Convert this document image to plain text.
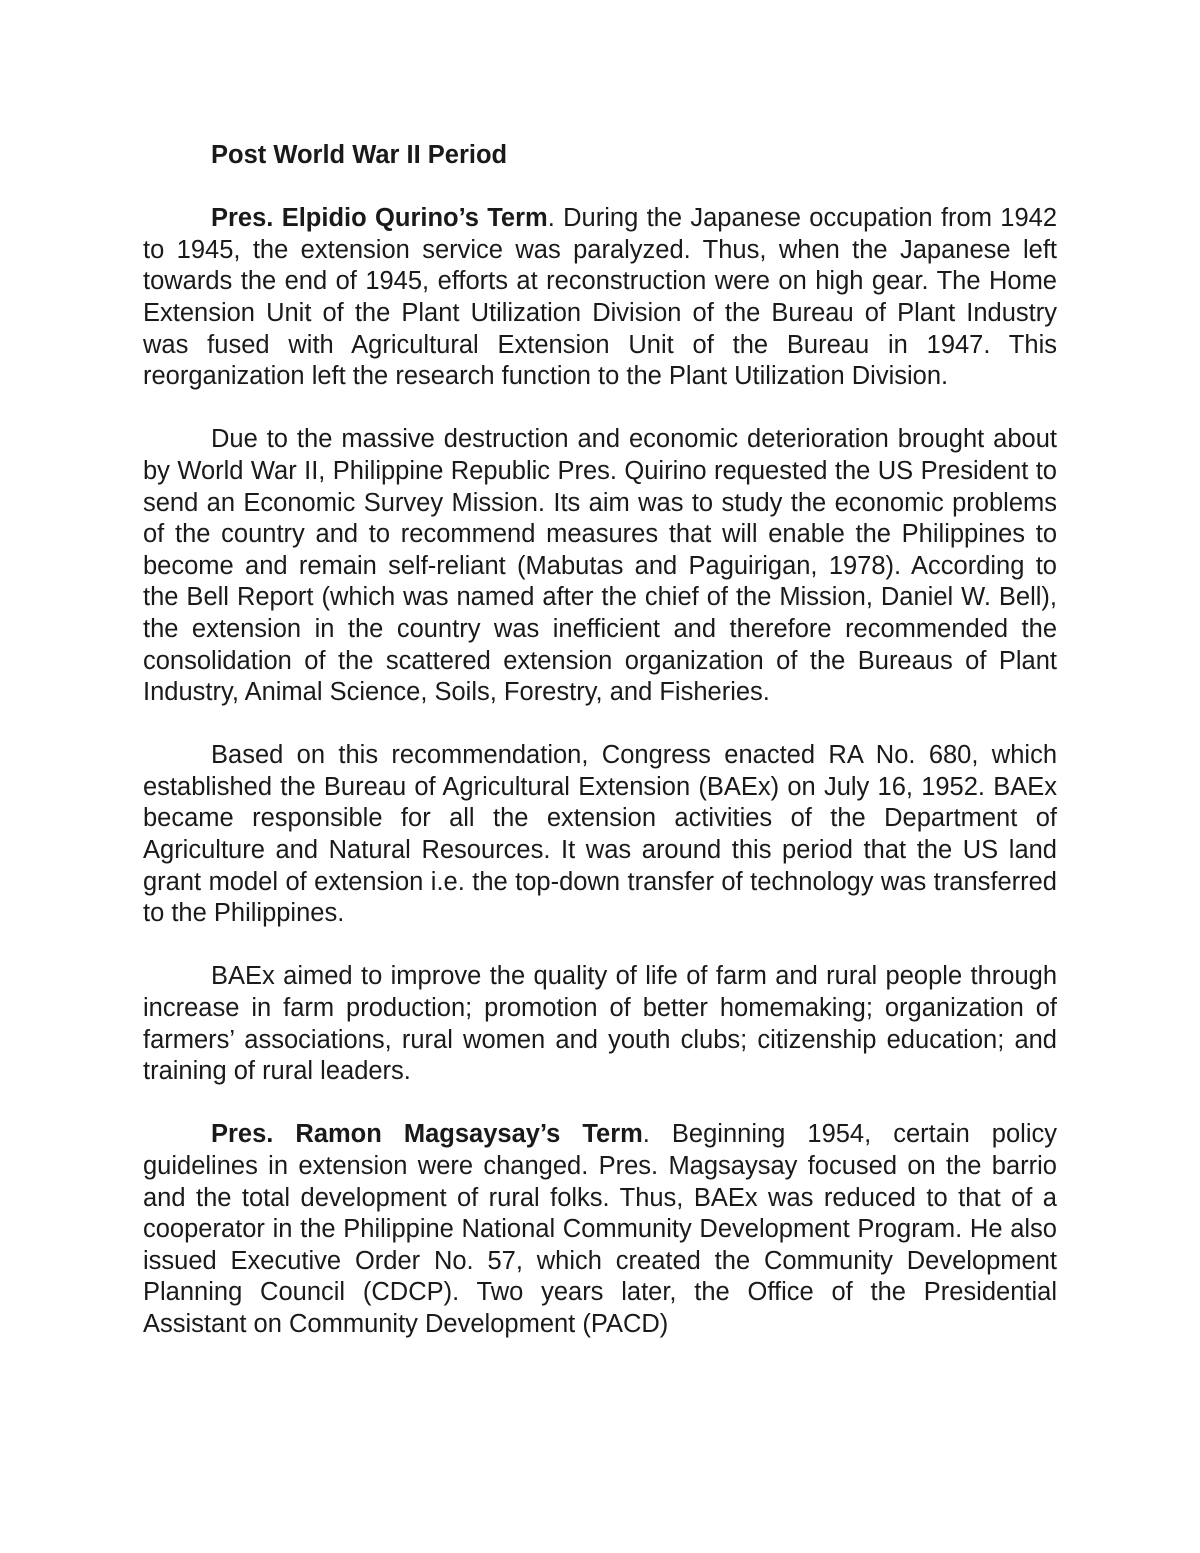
Post World War II Period

Pres. Elpidio Qurino’s Term. During the Japanese occupation from 1942 to 1945, the extension service was paralyzed. Thus, when the Japanese left towards the end of 1945, efforts at reconstruction were on high gear. The Home Extension Unit of the Plant Utilization Division of the Bureau of Plant Industry was fused with Agricultural Extension Unit of the Bureau in 1947. This reorganization left the research function to the Plant Utilization Division.

Due to the massive destruction and economic deterioration brought about by World War II, Philippine Republic Pres. Quirino requested the US President to send an Economic Survey Mission. Its aim was to study the economic problems of the country and to recommend measures that will enable the Philippines to become and remain self-reliant (Mabutas and Paguirigan, 1978). According to the Bell Report (which was named after the chief of the Mission, Daniel W. Bell), the extension in the country was inefficient and therefore recommended the consolidation of the scattered extension organization of the Bureaus of Plant Industry, Animal Science, Soils, Forestry, and Fisheries.

Based on this recommendation, Congress enacted RA No. 680, which established the Bureau of Agricultural Extension (BAEx) on July 16, 1952. BAEx became responsible for all the extension activities of the Department of Agriculture and Natural Resources. It was around this period that the US land grant model of extension i.e. the top-down transfer of technology was transferred to the Philippines.

BAEx aimed to improve the quality of life of farm and rural people through increase in farm production; promotion of better homemaking; organization of farmers’ associations, rural women and youth clubs; citizenship education; and training of rural leaders.

Pres. Ramon Magsaysay’s Term. Beginning 1954, certain policy guidelines in extension were changed. Pres. Magsaysay focused on the barrio and the total development of rural folks. Thus, BAEx was reduced to that of a cooperator in the Philippine National Community Development Program. He also issued Executive Order No. 57, which created the Community Development Planning Council (CDCP). Two years later, the Office of the Presidential Assistant on Community Development (PACD)
